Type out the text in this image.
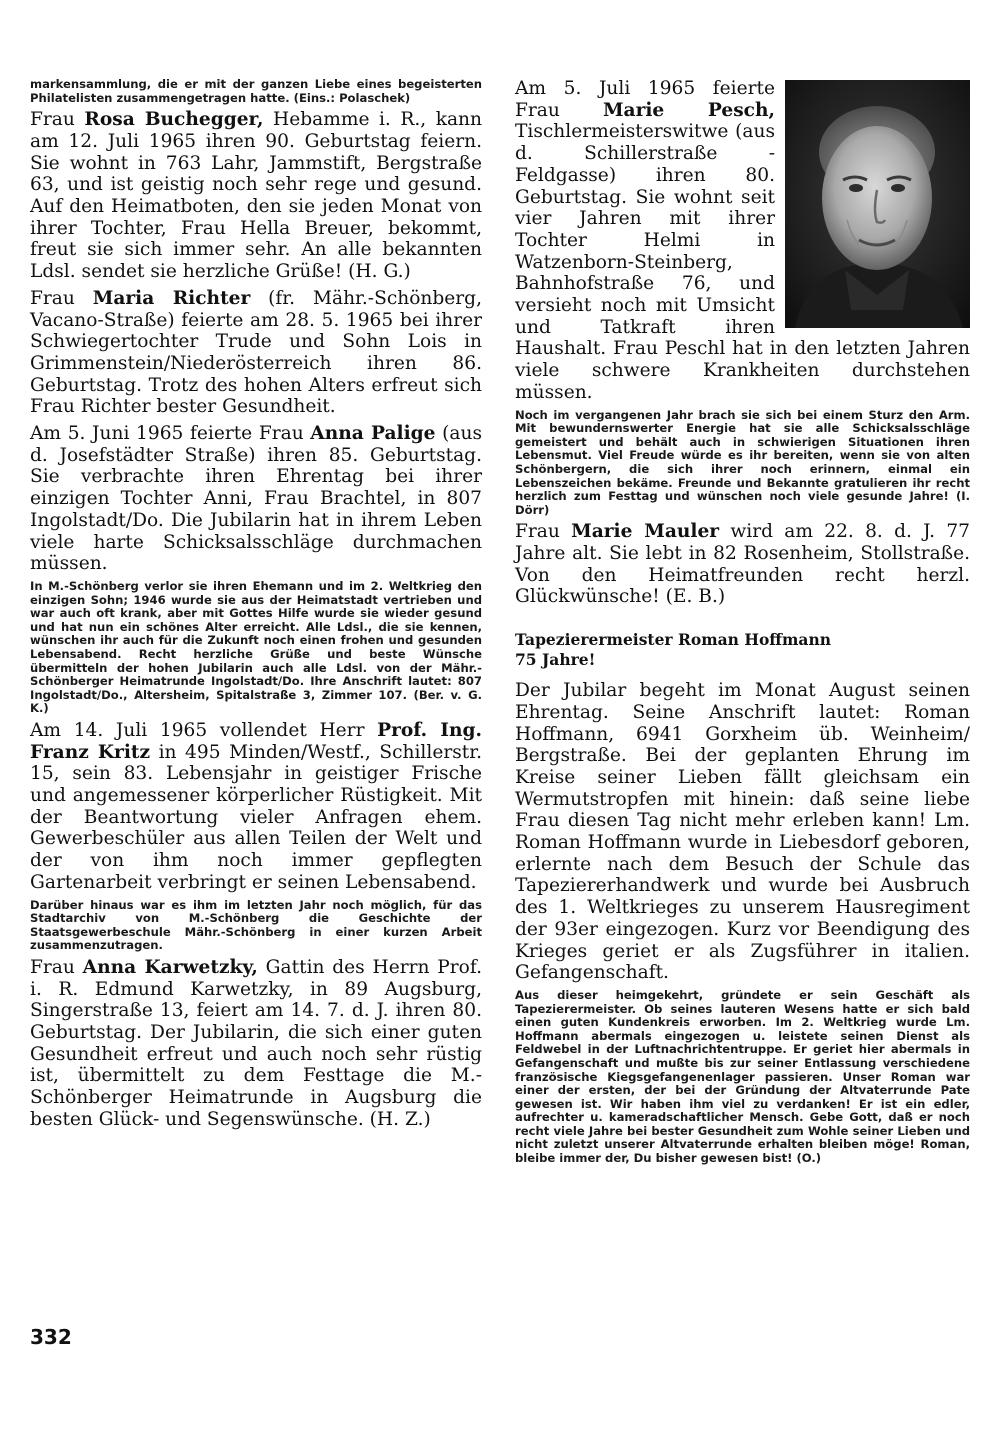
markensammlung, die er mit der ganzen Liebe eines begeisterten Philatelisten zusammengetragen hatte. (Eins.: Polaschek)

Frau Rosa Buchegger, Hebamme i. R., kann am 12. Juli 1965 ihren 90. Geburtstag feiern. Sie wohnt in 763 Lahr, Jammstift, Bergstraße 63, und ist geistig noch sehr rege und gesund. Auf den Heimatboten, den sie jeden Monat von ihrer Tochter, Frau Hella Breuer, bekommt, freut sie sich immer sehr. An alle bekannten Ldsl. sendet sie herzliche Grüße! (H. G.)

Frau Maria Richter (fr. Mähr.-Schönberg, Vacano-Straße) feierte am 28. 5. 1965 bei ihrer Schwiegertochter Trude und Sohn Lois in Grimmenstein/Niederösterreich ihren 86. Geburtstag. Trotz des hohen Alters erfreut sich Frau Richter bester Gesundheit.

Am 5. Juni 1965 feierte Frau Anna Palige (aus d. Josefstädter Straße) ihren 85. Geburtstag. Sie verbrachte ihren Ehrentag bei ihrer einzigen Tochter Anni, Frau Brachtel, in 807 Ingolstadt/Do. Die Jubilarin hat in ihrem Leben viele harte Schicksalsschläge durchmachen müssen.

In M.-Schönberg verlor sie ihren Ehemann und im 2. Weltkrieg den einzigen Sohn; 1946 wurde sie aus der Heimatstadt vertrieben und war auch oft krank, aber mit Gottes Hilfe wurde sie wieder gesund und hat nun ein schönes Alter erreicht. Alle Ldsl., die sie kennen, wünschen ihr auch für die Zukunft noch einen frohen und gesunden Lebensabend. Recht herzliche Grüße und beste Wünsche übermitteln der hohen Jubilarin auch alle Ldsl. von der Mähr.-Schönberger Heimatrunde Ingolstadt/Do. Ihre Anschrift lautet: 807 Ingolstadt/Do., Altersheim, Spitalstraße 3, Zimmer 107. (Ber. v. G. K.)

Am 14. Juli 1965 vollendet Herr Prof. Ing. Franz Kritz in 495 Minden/Westf., Schillerstr. 15, sein 83. Lebensjahr in geistiger Frische und angemessener körperlicher Rüstigkeit. Mit der Beantwortung vieler Anfragen ehem. Gewerbeschüler aus allen Teilen der Welt und der von ihm noch immer gepflegten Gartenarbeit verbringt er seinen Lebensabend.

Darüber hinaus war es ihm im letzten Jahr noch möglich, für das Stadtarchiv von M.-Schönberg die Geschichte der Staatsgewerbeschule Mähr.-Schönberg in einer kurzen Arbeit zusammenzutragen.

Frau Anna Karwetzky, Gattin des Herrn Prof. i. R. Edmund Karwetzky, in 89 Augsburg, Singerstraße 13, feiert am 14. 7. d. J. ihren 80. Geburtstag. Der Jubilarin, die sich einer guten Gesundheit erfreut und auch noch sehr rüstig ist, übermittelt zu dem Festtage die M.-Schönberger Heimatrunde in Augsburg die besten Glück- und Segenswünsche. (H. Z.)

Am 5. Juli 1965 feierte Frau Marie Pesch, Tischlermeisterswitwe (aus d. Schillerstraße - Feldgasse) ihren 80. Geburtstag. Sie wohnt seit vier Jahren mit ihrer Tochter Helmi in Watzenborn-Steinberg, Bahnhofstraße 76, und versieht noch mit Umsicht und Tatkraft ihren Haushalt. Frau Peschl hat in den letzten Jahren viele schwere Krankheiten durchstehen müssen.

Noch im vergangenen Jahr brach sie sich bei einem Sturz den Arm. Mit bewundernswerter Energie hat sie alle Schicksalsschläge gemeistert und behält auch in schwierigen Situationen ihren Lebensmut. Viel Freude würde es ihr bereiten, wenn sie von alten Schönbergern, die sich ihrer noch erinnern, einmal ein Lebenszeichen bekäme. Freunde und Bekannte gratulieren ihr recht herzlich zum Festtag und wünschen noch viele gesunde Jahre! (I. Dörr)

Frau Marie Mauler wird am 22. 8. d. J. 77 Jahre alt. Sie lebt in 82 Rosenheim, Stollstraße. Von den Heimatfreunden recht herzl. Glückwünsche! (E. B.)

Tapezierermeister Roman Hoffmann
75 Jahre!

Der Jubilar begeht im Monat August seinen Ehrentag. Seine Anschrift lautet: Roman Hoffmann, 6941 Gorxheim üb. Weinheim/ Bergstraße. Bei der geplanten Ehrung im Kreise seiner Lieben fällt gleichsam ein Wermutstropfen mit hinein: daß seine liebe Frau diesen Tag nicht mehr erleben kann! Lm. Roman Hoffmann wurde in Liebesdorf geboren, erlernte nach dem Besuch der Schule das Tapeziererhandwerk und wurde bei Ausbruch des 1. Weltkrieges zu unserem Hausregiment der 93er eingezogen. Kurz vor Beendigung des Krieges geriet er als Zugsführer in italien. Gefangenschaft.

Aus dieser heimgekehrt, gründete er sein Geschäft als Tapezierermeister. Ob seines lauteren Wesens hatte er sich bald einen guten Kundenkreis erworben. Im 2. Weltkrieg wurde Lm. Hoffmann abermals eingezogen u. leistete seinen Dienst als Feldwebel in der Luftnachrichtentruppe. Er geriet hier abermals in Gefangenschaft und mußte bis zur seiner Entlassung verschiedene französische Kiegsgefangenenlager passieren. Unser Roman war einer der ersten, der bei der Gründung der Altvaterrunde Pate gewesen ist. Wir haben ihm viel zu verdanken! Er ist ein edler, aufrechter u. kameradschaftlicher Mensch. Gebe Gott, daß er noch recht viele Jahre bei bester Gesundheit zum Wohle seiner Lieben und nicht zuletzt unserer Altvaterrunde erhalten bleiben möge! Roman, bleibe immer der, Du bisher gewesen bist! (O.)

332
